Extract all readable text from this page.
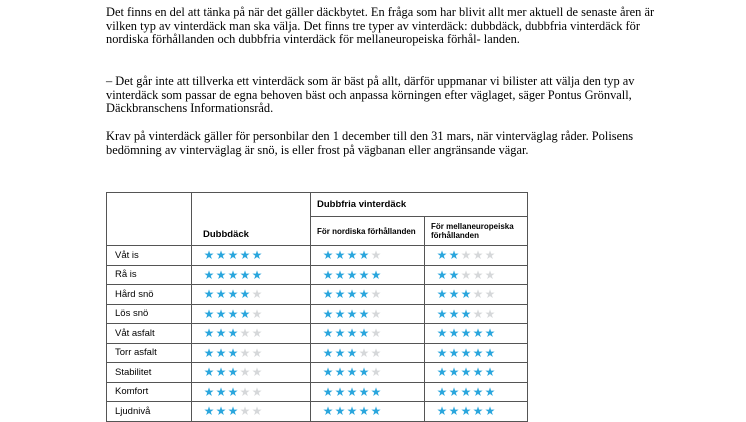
Det finns en del att tänka på när det gäller däckbytet. En fråga som har blivit allt mer aktuell de senaste åren är vilken typ av vinterdäck man ska välja. Det finns tre typer av vinterdäck: dubbdäck, dubbfria vinterdäck för nordiska förhållanden och dubbfria vinterdäck för mellaneuropeiska förhål- landen.

– Det går inte att tillverka ett vinterdäck som är bäst på allt, därför uppmanar vi bilister att välja den typ av vinterdäck som passar de egna behoven bäst och anpassa körningen efter väglaget, säger Pontus Grönvall, Däckbranschens Informationsråd.

Krav på vinterdäck gäller för personbilar den 1 december till den 31 mars, när vinterväglag råder. Polisens bedömning av vinterväglag är snö, is eller frost på vägbanan eller angränsande vägar.

	Dubbdäck	Dubbfria vinterdäck	
		För nordiska förhållanden	För mellaneuropeiska förhållanden
Våt is	★★★★★	★★★★★	★★★★★
Rå is	★★★★★	★★★★★	★★★★★
Hård snö	★★★★★	★★★★★	★★★★★
Lös snö	★★★★★	★★★★★	★★★★★
Våt asfalt	★★★★★	★★★★★	★★★★★
Torr asfalt	★★★★★	★★★★★	★★★★★
Stabilitet	★★★★★	★★★★★	★★★★★
Komfort	★★★★★	★★★★★	★★★★★
Ljudnivå	★★★★★	★★★★★	★★★★★
